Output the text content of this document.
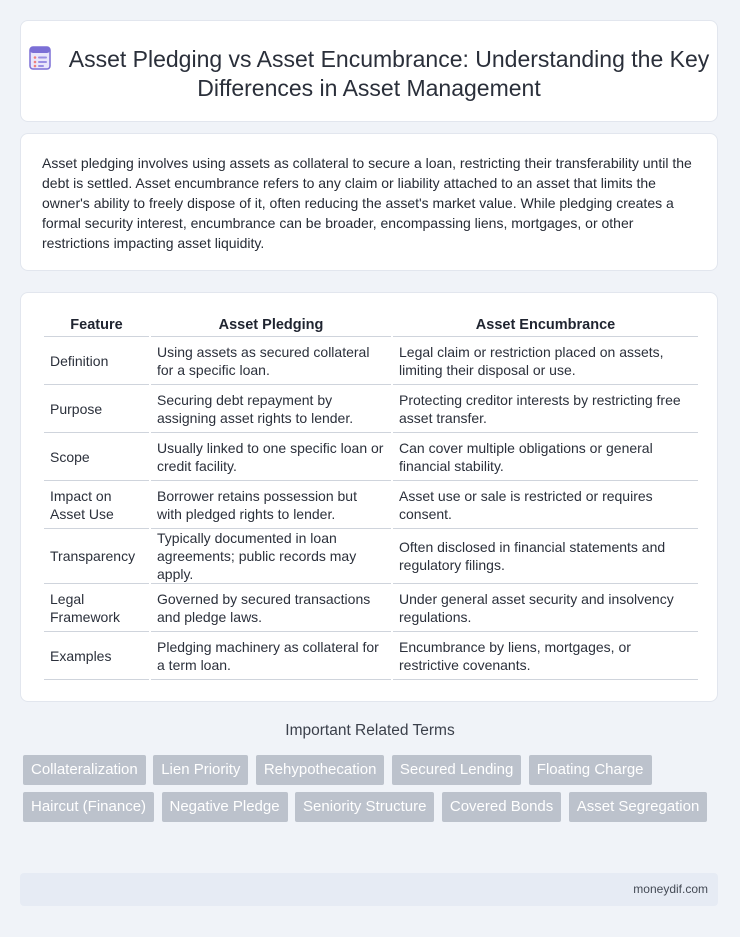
Asset Pledging vs Asset Encumbrance: Understanding the Key Differences in Asset Management

Asset pledging involves using assets as collateral to secure a loan, restricting their transferability until the debt is settled. Asset encumbrance refers to any claim or liability attached to an asset that limits the owner's ability to freely dispose of it, often reducing the asset's market value. While pledging creates a formal security interest, encumbrance can be broader, encompassing liens, mortgages, or other restrictions impacting asset liquidity.

Feature	Asset Pledging	Asset Encumbrance
Definition	Using assets as secured collateral for a specific loan.	Legal claim or restriction placed on assets, limiting their disposal or use.
Purpose	Securing debt repayment by assigning asset rights to lender.	Protecting creditor interests by restricting free asset transfer.
Scope	Usually linked to one specific loan or credit facility.	Can cover multiple obligations or general financial stability.
Impact on Asset Use	Borrower retains possession but with pledged rights to lender.	Asset use or sale is restricted or requires consent.
Transparency	Typically documented in loan agreements; public records may apply.	Often disclosed in financial statements and regulatory filings.
Legal Framework	Governed by secured transactions and pledge laws.	Under general asset security and insolvency regulations.
Examples	Pledging machinery as collateral for a term loan.	Encumbrance by liens, mortgages, or restrictive covenants.
Important Related Terms
Collateralization Lien Priority Rehypothecation Secured Lending Floating Charge Haircut (Finance) Negative Pledge Seniority Structure Covered Bonds Asset Segregation
moneydif.com
